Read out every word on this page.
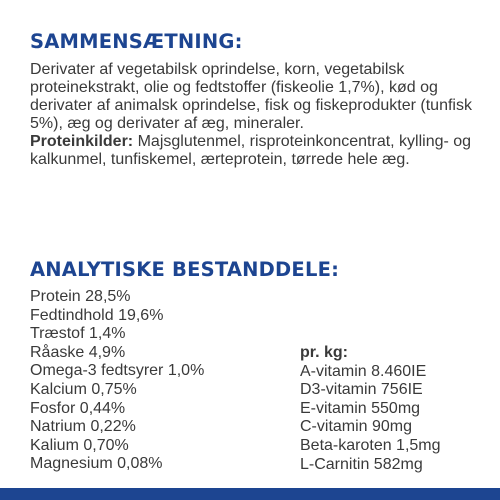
SAMMENSÆTNING:

Derivater af vegetabilsk oprindelse, korn, vegetabilsk proteinekstrakt, olie og fedtstoffer (fiskeolie 1,7%), kød og derivater af animalsk oprindelse, fisk og fiskeprodukter (tunfisk 5%), æg og derivater af æg, mineraler.

Proteinkilder: Majsglutenmel, risproteinkoncentrat, kylling- og kalkunmel, tunfiskemel, ærteprotein, tørrede hele æg.

ANALYTISKE BESTANDDELE:
Protein 28,5%
Fedtindhold 19,6%
Træstof 1,4%
Råaske 4,9%
Omega-3 fedtsyrer 1,0%
Kalcium 0,75%
Fosfor 0,44%
Natrium 0,22%
Kalium 0,70%
Magnesium 0,08%
pr. kg:
A-vitamin 8.460IE
D3-vitamin 756IE
E-vitamin 550mg
C-vitamin 90mg
Beta-karoten 1,5mg
L-Carnitin 582mg
